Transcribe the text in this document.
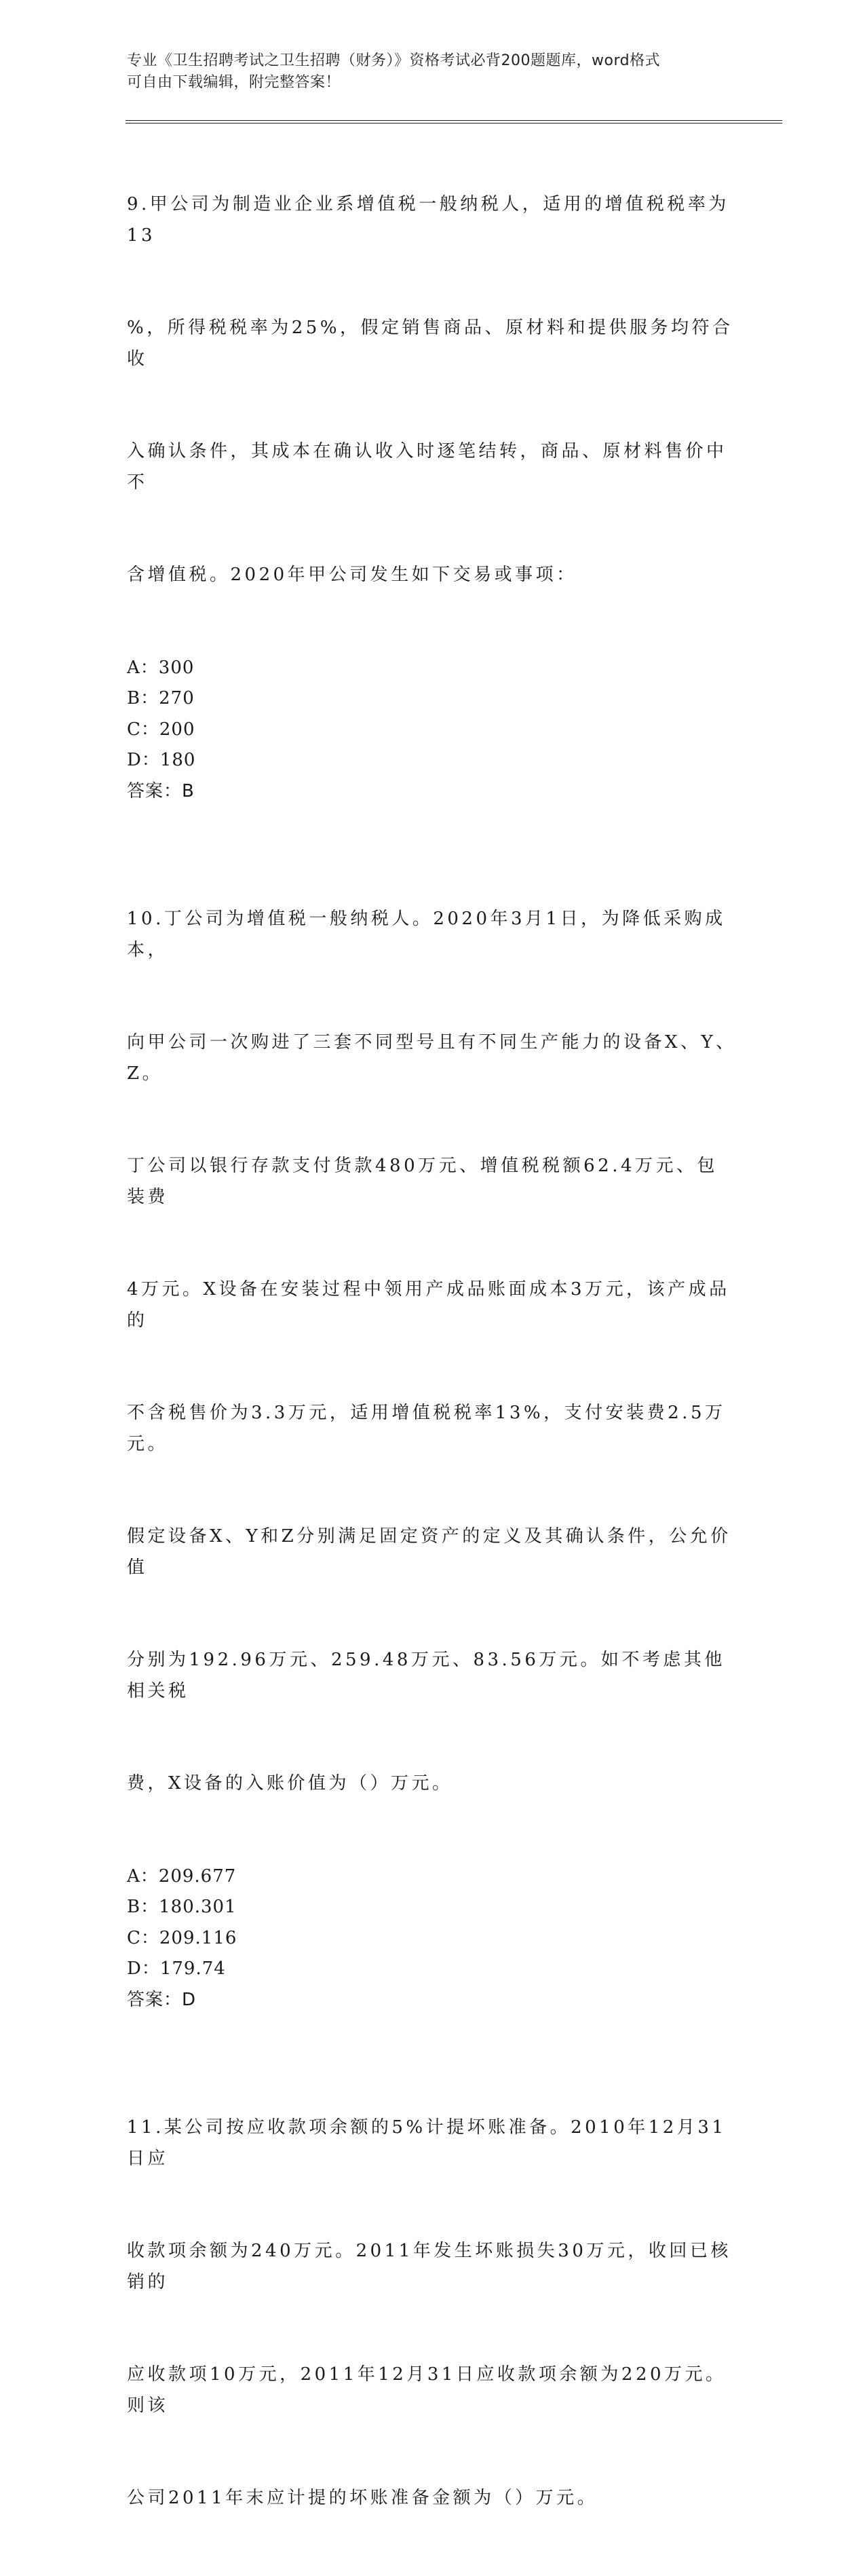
专业《卫生招聘考试之卫生招聘（财务）》资格考试必背200题题库，word格式
可自由下载编辑，附完整答案！

9.甲公司为制造业企业系增值税一般纳税人，适用的增值税税率为13

%，所得税税率为25%，假定销售商品、原材料和提供服务均符合收

入确认条件，其成本在确认收入时逐笔结转，商品、原材料售价中不

含增值税。2020年甲公司发生如下交易或事项：

A：300
B：270
C：200
D：180
答案：B

10.丁公司为增值税一般纳税人。2020年3月1日，为降低采购成本，

向甲公司一次购进了三套不同型号且有不同生产能力的设备X、Y、Z。

丁公司以银行存款支付货款480万元、增值税税额62.4万元、包装费

4万元。X设备在安装过程中领用产成品账面成本3万元，该产成品的

不含税售价为3.3万元，适用增值税税率13%，支付安装费2.5万元。

假定设备X、Y和Z分别满足固定资产的定义及其确认条件，公允价值

分别为192.96万元、259.48万元、83.56万元。如不考虑其他相关税

费，X设备的入账价值为（）万元。

A：209.677
B：180.301
C：209.116
D：179.74
答案：D

11.某公司按应收款项余额的5%计提坏账准备。2010年12月31日应

收款项余额为240万元。2011年发生坏账损失30万元，收回已核销的

应收款项10万元，2011年12月31日应收款项余额为220万元。则该

公司2011年末应计提的坏账准备金额为（）万元。
